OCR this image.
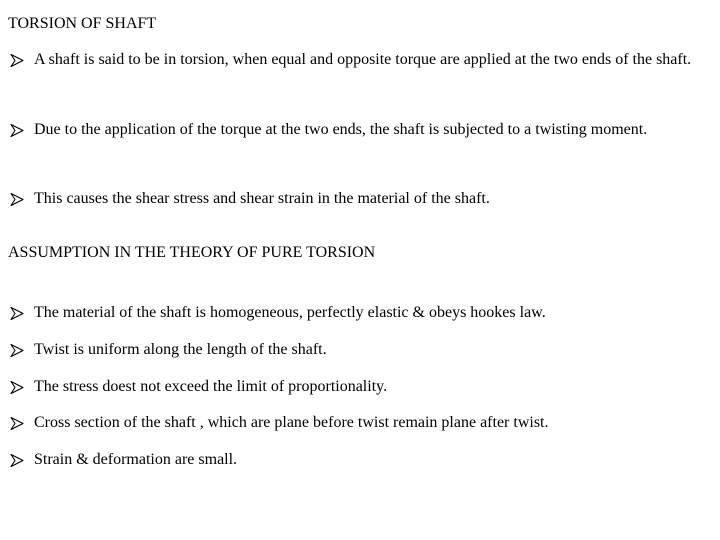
TORSION OF SHAFT
A shaft is said to be in torsion, when equal and opposite torque are applied at the two ends of the shaft.
Due to the application of the torque at the two ends, the shaft is subjected to a twisting moment.
This causes the shear stress and shear strain in the material of the shaft.
ASSUMPTION IN THE THEORY OF PURE TORSION
The material of the shaft is homogeneous, perfectly elastic & obeys hookes law.
Twist is uniform along the length of the shaft.
The stress doest not exceed the limit of proportionality.
Cross section of the shaft , which are plane before twist remain plane after twist.
Strain & deformation are small.
